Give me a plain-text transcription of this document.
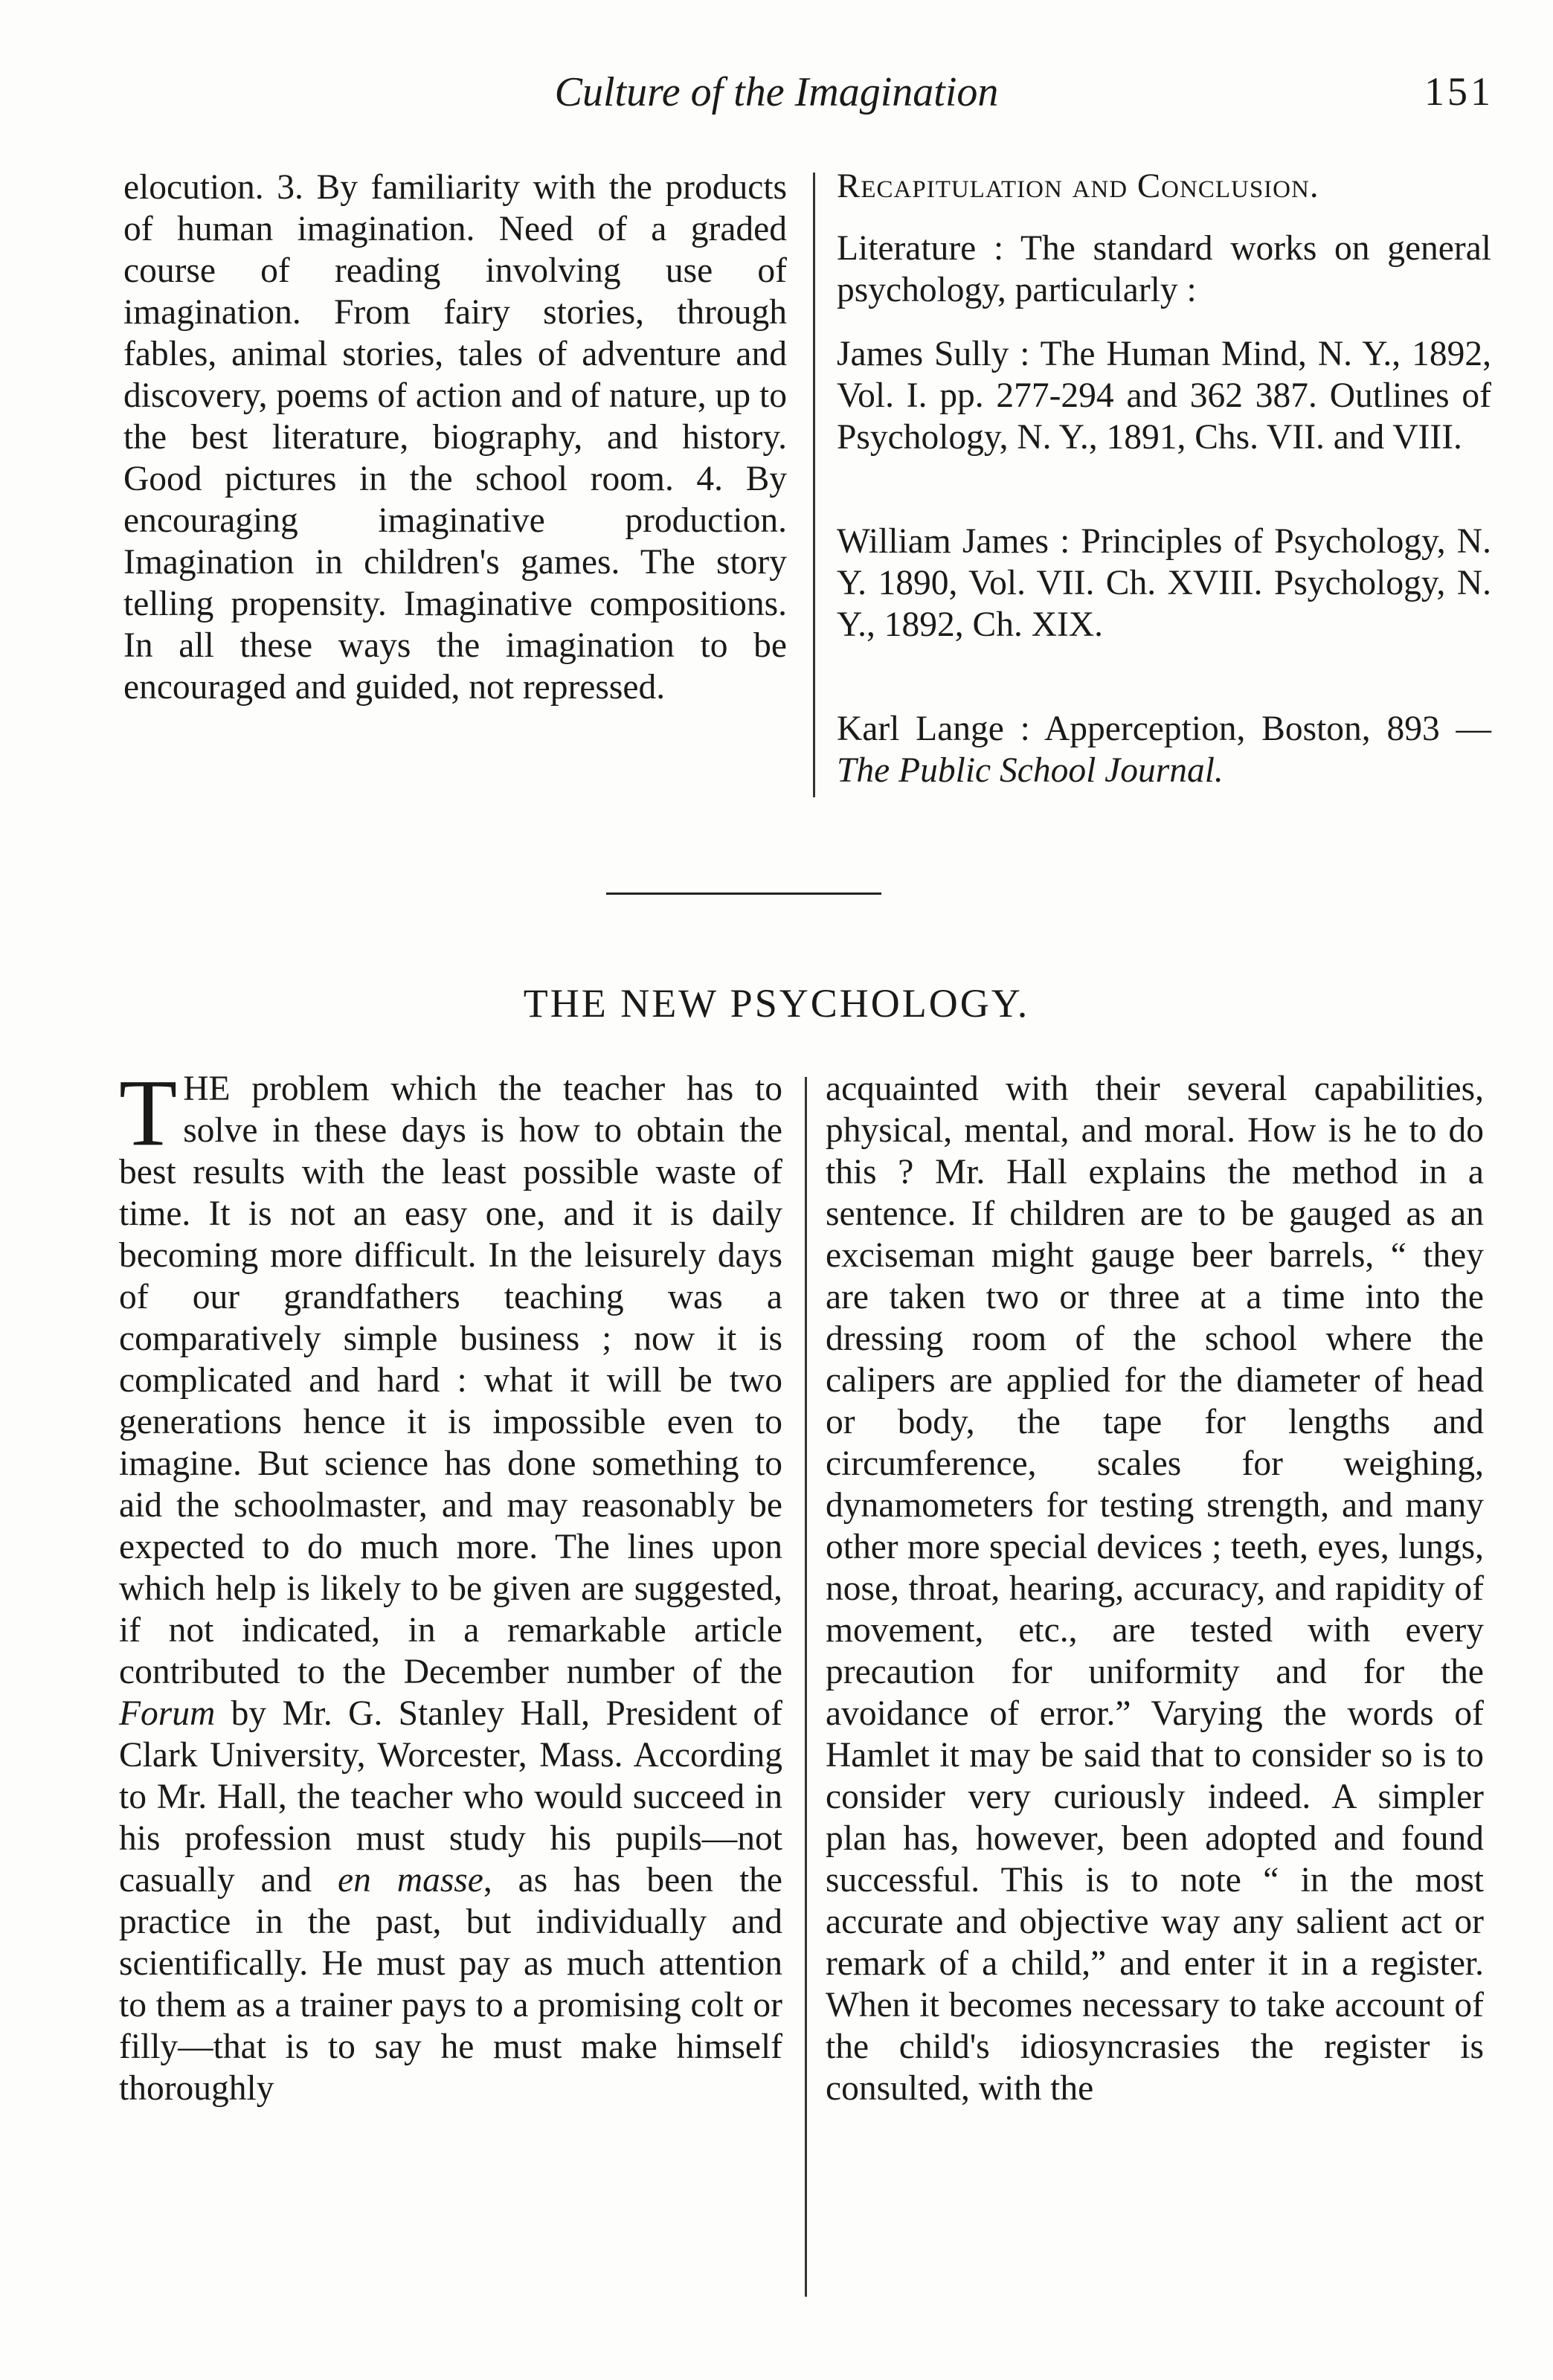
Culture of the Imagination	151

elocution. 3. By familiarity with the products of human imagination. Need of a graded course of reading involving use of imagination. From fairy stories, through fables, animal stories, tales of adventure and discovery, poems of action and of nature, up to the best literature, biography, and history. Good pictures in the school room. 4. By encouraging imaginative production. Imagination in children's games. The story telling propensity. Imaginative compositions. In all these ways the imagination to be encouraged and guided, not repressed.

Recapitulation and Conclusion.

Literature : The standard works on general psychology, particularly :

James Sully : The Human Mind, N. Y., 1892, Vol. I. pp. 277-294 and 362 387. Outlines of Psychology, N. Y., 1891, Chs. VII. and VIII.

William James : Principles of Psychology, N. Y. 1890, Vol. VII. Ch. XVIII. Psychology, N. Y., 1892, Ch. XIX.

Karl Lange : Apperception, Boston, 893 —The Public School Journal.

THE NEW PSYCHOLOGY.

THE problem which the teacher has to solve in these days is how to obtain the best results with the least possible waste of time. It is not an easy one, and it is daily becoming more difficult. In the leisurely days of our grandfathers teaching was a comparatively simple business ; now it is complicated and hard : what it will be two generations hence it is impossible even to imagine. But science has done something to aid the schoolmaster, and may reasonably be expected to do much more. The lines upon which help is likely to be given are suggested, if not indicated, in a remarkable article contributed to the December number of the Forum by Mr. G. Stanley Hall, President of Clark University, Worcester, Mass. According to Mr. Hall, the teacher who would succeed in his profession must study his pupils—not casually and en masse, as has been the practice in the past, but individually and scientifically. He must pay as much attention to them as a trainer pays to a promising colt or filly—that is to say he must make himself thoroughly

acquainted with their several capabilities, physical, mental, and moral. How is he to do this ? Mr. Hall explains the method in a sentence. If children are to be gauged as an exciseman might gauge beer barrels, “ they are taken two or three at a time into the dressing room of the school where the calipers are applied for the diameter of head or body, the tape for lengths and circumference, scales for weighing, dynamometers for testing strength, and many other more special devices ; teeth, eyes, lungs, nose, throat, hearing, accuracy, and rapidity of movement, etc., are tested with every precaution for uniformity and for the avoidance of error.” Varying the words of Hamlet it may be said that to consider so is to consider very curiously indeed. A simpler plan has, however, been adopted and found successful. This is to note “ in the most accurate and objective way any salient act or remark of a child,” and enter it in a register. When it becomes necessary to take account of the child's idiosyncrasies the register is consulted, with the
